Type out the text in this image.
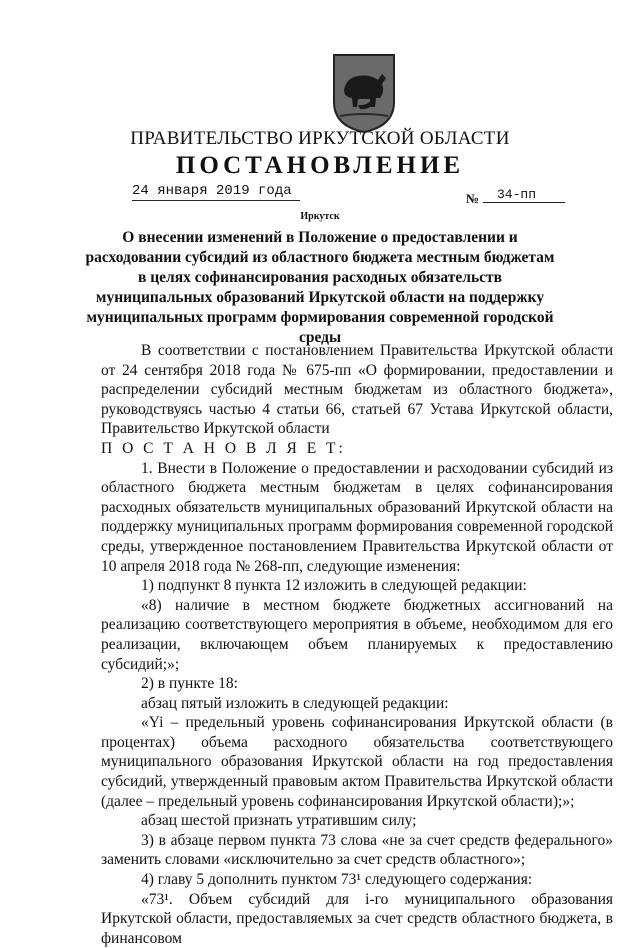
ПРАВИТЕЛЬСТВО ИРКУТСКОЙ ОБЛАСТИ
ПОСТАНОВЛЕНИЕ
24 января 2019 года	№	34-пп
Иркутск
О внесении изменений в Положение о предоставлении и расходовании субсидий из областного бюджета местным бюджетам в целях софинансирования расходных обязательств муниципальных образований Иркутской области на поддержку муниципальных программ формирования современной городской среды

В соответствии с постановлением Правительства Иркутской области от 24 сентября 2018 года № 675-пп «О формировании, предоставлении и распределении субсидий местным бюджетам из областного бюджета», руководствуясь частью 4 статьи 66, статьей 67 Устава Иркутской области, Правительство Иркутской области

П О С Т А Н О В Л Я Е Т:

1. Внести в Положение о предоставлении и расходовании субсидий из областного бюджета местным бюджетам в целях софинансирования расходных обязательств муниципальных образований Иркутской области на поддержку муниципальных программ формирования современной городской среды, утвержденное постановлением Правительства Иркутской области от 10 апреля 2018 года № 268-пп, следующие изменения:

1) подпункт 8 пункта 12 изложить в следующей редакции:

«8) наличие в местном бюджете бюджетных ассигнований на реализацию соответствующего мероприятия в объеме, необходимом для его реализации, включающем объем планируемых к предоставлению субсидий;»;

2) в пункте 18:

абзац пятый изложить в следующей редакции:

«Yi – предельный уровень софинансирования Иркутской области (в процентах) объема расходного обязательства соответствующего муниципального образования Иркутской области на год предоставления субсидий, утвержденный правовым актом Правительства Иркутской области (далее – предельный уровень софинансирования Иркутской области);»;

абзац шестой признать утратившим силу;

3) в абзаце первом пункта 73 слова «не за счет средств федерального» заменить словами «исключительно за счет средств областного»;

4) главу 5 дополнить пунктом 73¹ следующего содержания:

«73¹. Объем субсидий для i-го муниципального образования Иркутской области, предоставляемых за счет средств областного бюджета, в финансовом
